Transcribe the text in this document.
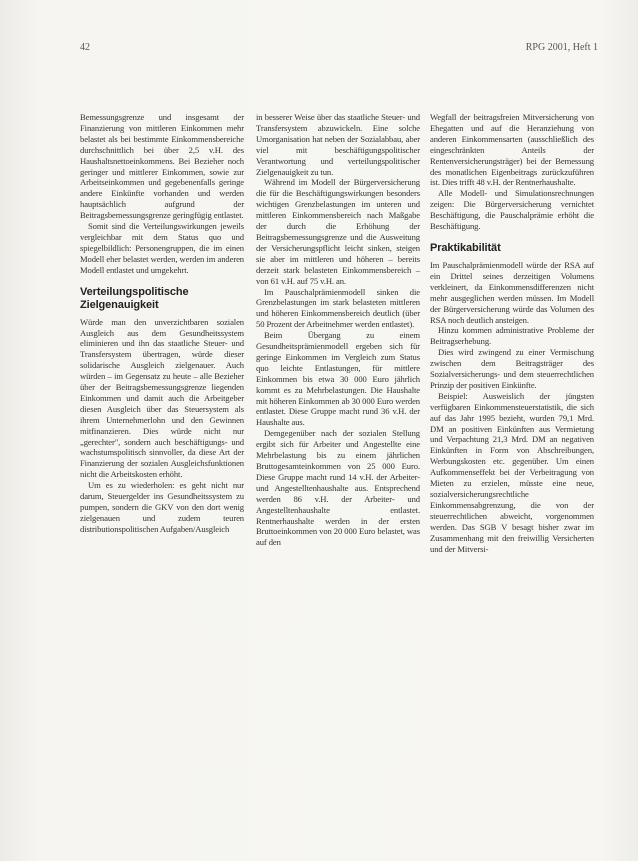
42	RPG 2001, Heft 1

Bemessungsgrenze und insgesamt der Finanzierung von mittleren Einkommen mehr belastet als bei bestimmte Einkommensbereiche durchschnittlich bei über 2,5 v.H. des Haushaltsnettoeinkommens. Bei Bezieher noch geringer und mittlerer Einkommen, sowie zur Arbeitseinkommen und gegebenenfalls geringe andere Einkünfte vorhanden und werden hauptsächlich aufgrund der Beitragsbemessungsgrenze geringfügig entlastet.

Somit sind die Verteilungswirkungen jeweils vergleichbar mit dem Status quo und spiegelbildlich: Personengruppen, die im einen Modell eher belastet werden, werden im anderen Modell entlastet und umgekehrt.

Verteilungspolitische Zielgenauigkeit

Würde man den unverzichtbaren sozialen Ausgleich aus dem Gesundheitssystem eliminieren und ihn das staatliche Steuer- und Transfersystem übertragen, würde dieser solidarische Ausgleich zielgenauer. Auch würden – im Gegensatz zu heute – alle Bezieher über der Beitragsbemessungsgrenze liegenden Einkommen und damit auch die Arbeitgeber diesen Ausgleich über das Steuersystem als ihrem Unternehmerlohn und den Gewinnen mitfinanzieren. Dies würde nicht nur „gerechter", sondern auch beschäftigungs- und wachstumspolitisch sinnvoller, da diese Art der Finanzierung der sozialen Ausgleichsfunktionen nicht die Arbeitskosten erhöht.

Um es zu wiederholen: es geht nicht nur darum, Steuergelder ins Gesundheitssystem zu pumpen, sondern die GKV von den dort wenig zielgenauen und zudem teuren distributionspolitischen Aufgaben/Ausgleich

in besserer Weise über das staatliche Steuer- und Transfersystem abzuwickeln. Eine solche Umorganisation hat neben der Sozialabbau, aber viel mit beschäftigungspolitischer Verantwortung und verteilungspolitischer Zielgenauigkeit zu tun.

Während im Modell der Bürgerversicherung die für die Beschäftigungswirkungen besonders wichtigen Grenzbelastungen im unteren und mittleren Einkommensbereich nach Maßgabe der durch die Erhöhung der Beitragsbemessungsgrenze und die Ausweitung der Versicherungspflicht leicht sinken, steigen sie aber im mittleren und höheren – bereits derzeit stark belasteten Einkommensbereich – von 61 v.H. auf 75 v.H. an.

Im Pauschalprämienmodell sinken die Grenzbelastungen im stark belasteten mittleren und höheren Einkommensbereich deutlich (über 50 Prozent der Arbeitnehmer werden entlastet).

Beim Übergang zu einem Gesundheitsprämienmodell ergeben sich für geringe Einkommen im Vergleich zum Status quo leichte Entlastungen, für mittlere Einkommen bis etwa 30 000 Euro jährlich kommt es zu Mehrbelastungen. Die Haushalte mit höheren Einkommen ab 30 000 Euro werden entlastet. Diese Gruppe macht rund 36 v.H. der Haushalte aus.

Demgegenüber nach der sozialen Stellung ergibt sich für Arbeiter und Angestellte eine Mehrbelastung bis zu einem jährlichen Bruttogesamteinkommen von 25 000 Euro. Diese Gruppe macht rund 14 v.H. der Arbeiter- und Angestelltenhaushalte aus. Entsprechend werden 86 v.H. der Arbeiter- und Angestelltenhaushalte entlastet. Rentnerhaushalte werden in der ersten Bruttoeinkommen von 20 000 Euro belastet, was auf den

Wegfall der beitragsfreien Mitversicherung von Ehegatten und auf die Heranziehung von anderen Einkommensarten (ausschließlich des eingeschränkten Anteils der Rentenversicherungsträger) bei der Bemessung des monatlichen Eigenbeitrags zurückzuführen ist. Dies trifft 48 v.H. der Rentnerhaushalte.

Alle Modell- und Simulationsrechnungen zeigen: Die Bürgerversicherung vernichtet Beschäftigung, die Pauschalprämie erhöht die Beschäftigung.

Praktikabilität

Im Pauschalprämienmodell würde der RSA auf ein Drittel seines derzeitigen Volumens verkleinert, da Einkommensdifferenzen nicht mehr ausgeglichen werden müssen. Im Modell der Bürgerversicherung würde das Volumen des RSA noch deutlich ansteigen.

Hinzu kommen administrative Probleme der Beitragserhebung.

Dies wird zwingend zu einer Vermischung zwischen dem Beitragsträger des Sozialversicherungs- und dem steuerrechtlichen Prinzip der positiven Einkünfte.

Beispiel: Ausweislich der jüngsten verfügbaren Einkommensteuerstatistik, die sich auf das Jahr 1995 bezieht, wurden 79,1 Mrd. DM an positiven Einkünften aus Vermietung und Verpachtung 21,3 Mrd. DM an negativen Einkünften in Form von Abschreibungen, Werbungskosten etc. gegenüber. Um einen Aufkommenseffekt bei der Verbeitragung von Mieten zu erzielen, müsste eine neue, sozialversicherungsrechtliche Einkommensabgrenzung, die von der steuerrechtlichen abweicht, vorgenommen werden. Das SGB V besagt bisher zwar im Zusammenhang mit den freiwillig Versicherten und der Mitversi-
